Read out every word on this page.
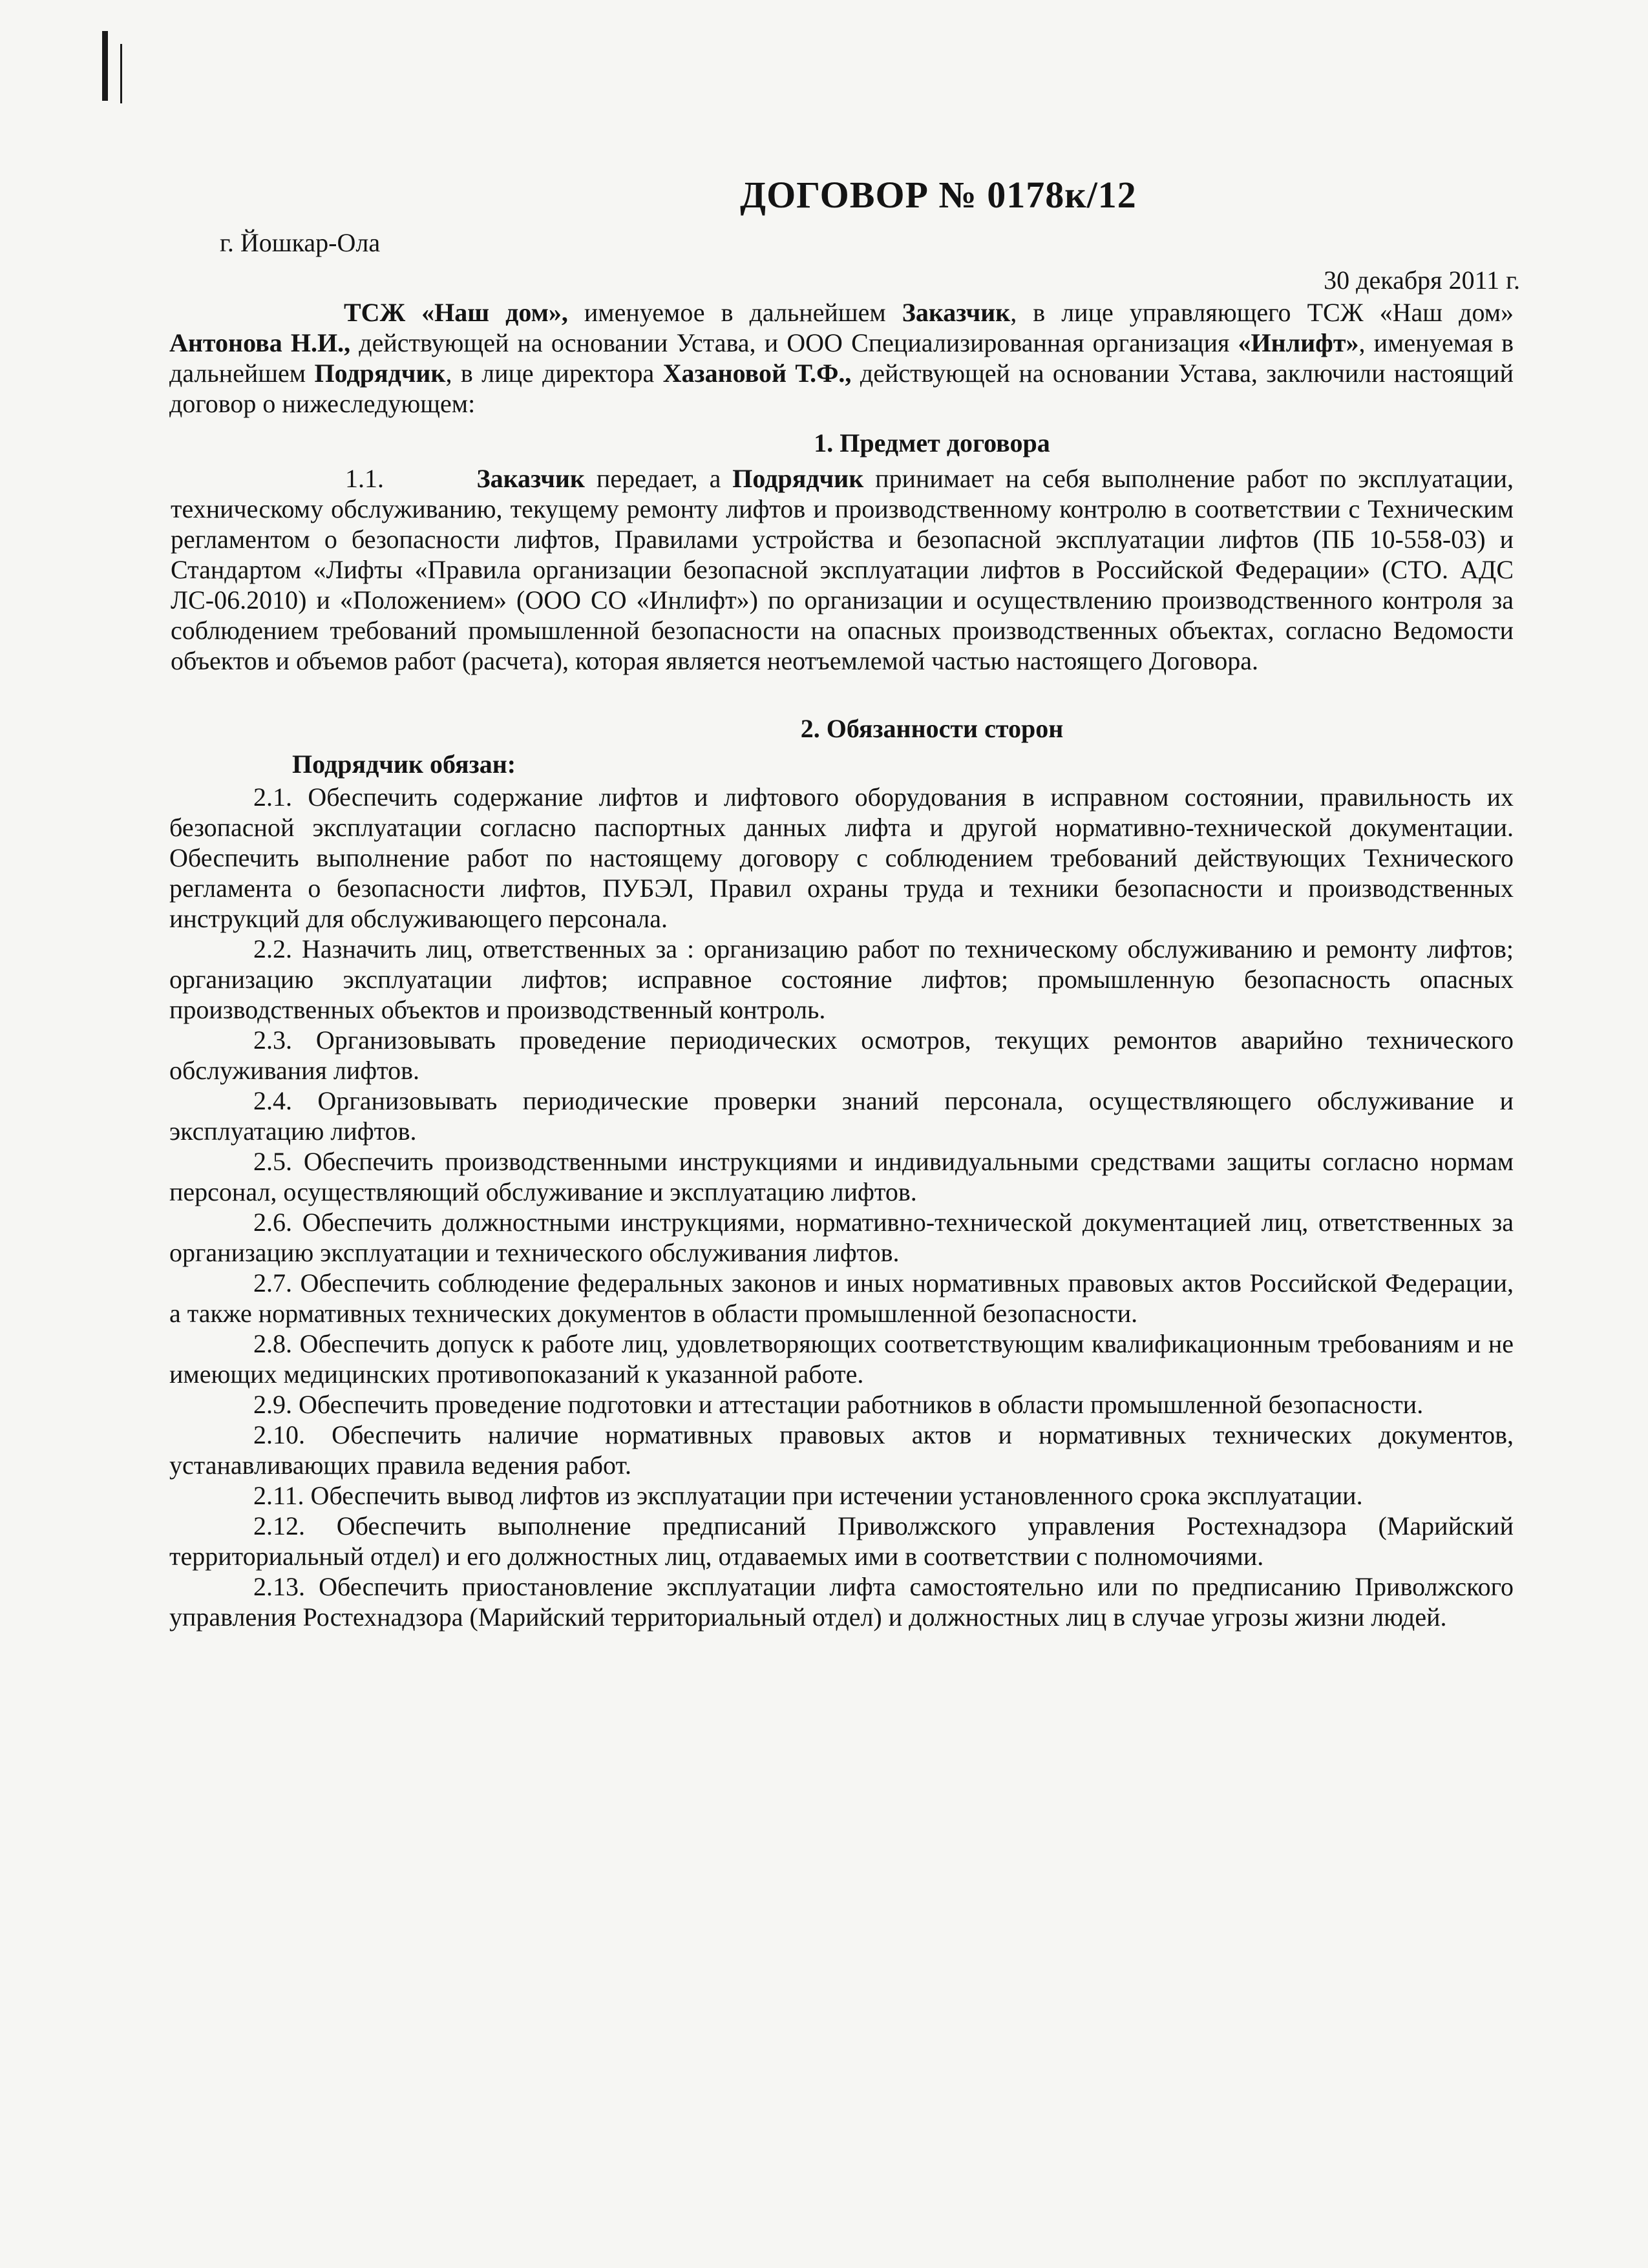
ДОГОВОР № 0178к/12
г. Йошкар-Ола
30 декабря 2011 г.

ТСЖ «Наш дом», именуемое в дальнейшем Заказчик, в лице управляющего ТСЖ «Наш дом» Антонова Н.И., действующей на основании Устава, и ООО Специализированная организация «Инлифт», именуемая в дальнейшем Подрядчик, в лице директора Хазановой Т.Ф., действующей на основании Устава, заключили настоящий договор о нижеследующем:

1. Предмет договора

1.1.	Заказчик передает, а Подрядчик принимает на себя выполнение работ по эксплуатации, техническому обслуживанию, текущему ремонту лифтов и производственному контролю в соответствии с Техническим регламентом о безопасности лифтов, Правилами устройства и безопасной эксплуатации лифтов (ПБ 10-558-03) и Стандартом «Лифты «Правила организации безопасной эксплуатации лифтов в Российской Федерации» (СТО. АДС ЛС-06.2010) и «Положением» (ООО СО «Инлифт») по организации и осуществлению производственного контроля за соблюдением требований промышленной безопасности на опасных производственных объектах, согласно Ведомости объектов и объемов работ (расчета), которая является неотъемлемой частью настоящего Договора.

2. Обязанности сторон
Подрядчик обязан:

2.1. Обеспечить содержание лифтов и лифтового оборудования в исправном состоянии, правильность их безопасной эксплуатации согласно паспортных данных лифта и другой нормативно-технической документации. Обеспечить выполнение работ по настоящему договору с соблюдением требований действующих Технического регламента о безопасности лифтов, ПУБЭЛ, Правил охраны труда и техники безопасности и производственных инструкций для обслуживающего персонала.

2.2. Назначить лиц, ответственных за : организацию работ по техническому обслуживанию и ремонту лифтов; организацию эксплуатации лифтов; исправное состояние лифтов; промышленную безопасность опасных производственных объектов и производственный контроль.

2.3. Организовывать проведение периодических осмотров, текущих ремонтов аварийно технического обслуживания лифтов.

2.4. Организовывать периодические проверки знаний персонала, осуществляющего обслуживание и эксплуатацию лифтов.

2.5. Обеспечить производственными инструкциями и индивидуальными средствами защиты согласно нормам персонал, осуществляющий обслуживание и эксплуатацию лифтов.

2.6. Обеспечить должностными инструкциями, нормативно-технической документацией лиц, ответственных за организацию эксплуатации и технического обслуживания лифтов.

2.7. Обеспечить соблюдение федеральных законов и иных нормативных правовых актов Российской Федерации, а также нормативных технических документов в области промышленной безопасности.

2.8. Обеспечить допуск к работе лиц, удовлетворяющих соответствующим квалификационным требованиям и не имеющих медицинских противопоказаний к указанной работе.

2.9. Обеспечить проведение подготовки и аттестации работников в области промышленной безопасности.

2.10. Обеспечить наличие нормативных правовых актов и нормативных технических документов, устанавливающих правила ведения работ.

2.11. Обеспечить вывод лифтов из эксплуатации при истечении установленного срока эксплуатации.

2.12. Обеспечить выполнение предписаний Приволжского управления Ростехнадзора (Марийский территориальный отдел) и его должностных лиц, отдаваемых ими в соответствии с полномочиями.

2.13. Обеспечить приостановление эксплуатации лифта самостоятельно или по предписанию Приволжского управления Ростехнадзора (Марийский территориальный отдел) и должностных лиц в случае угрозы жизни людей.
